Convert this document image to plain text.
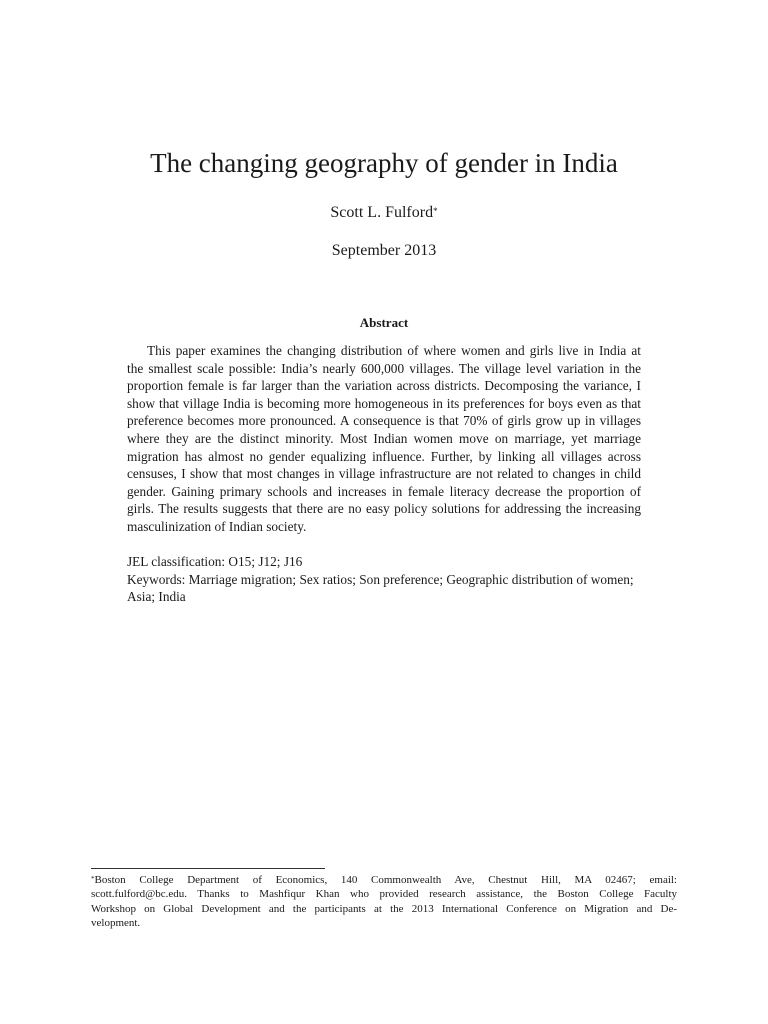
The changing geography of gender in India
Scott L. Fulford*
September 2013
Abstract

This paper examines the changing distribution of where women and girls live in India at
the smallest scale possible: India’s nearly 600,000 villages. The village level variation in the
proportion female is far larger than the variation across districts. Decomposing the variance, I
show that village India is becoming more homogeneous in its preferences for boys even as that
preference becomes more pronounced. A consequence is that 70% of girls grow up in villages
where they are the distinct minority. Most Indian women move on marriage, yet marriage
migration has almost no gender equalizing influence. Further, by linking all villages across
censuses, I show that most changes in village infrastructure are not related to changes in child
gender. Gaining primary schools and increases in female literacy decrease the proportion of
girls. The results suggests that there are no easy policy solutions for addressing the increasing
masculinization of Indian society.

JEL classification: O15; J12; J16
Keywords: Marriage migration; Sex ratios; Son preference; Geographic distribution of women;
Asia; India
*Boston College Department of Economics, 140 Commonwealth Ave, Chestnut Hill, MA 02467; email:
scott.fulford@bc.edu. Thanks to Mashfiqur Khan who provided research assistance, the Boston College Faculty
Workshop on Global Development and the participants at the 2013 International Conference on Migration and De-
velopment.
